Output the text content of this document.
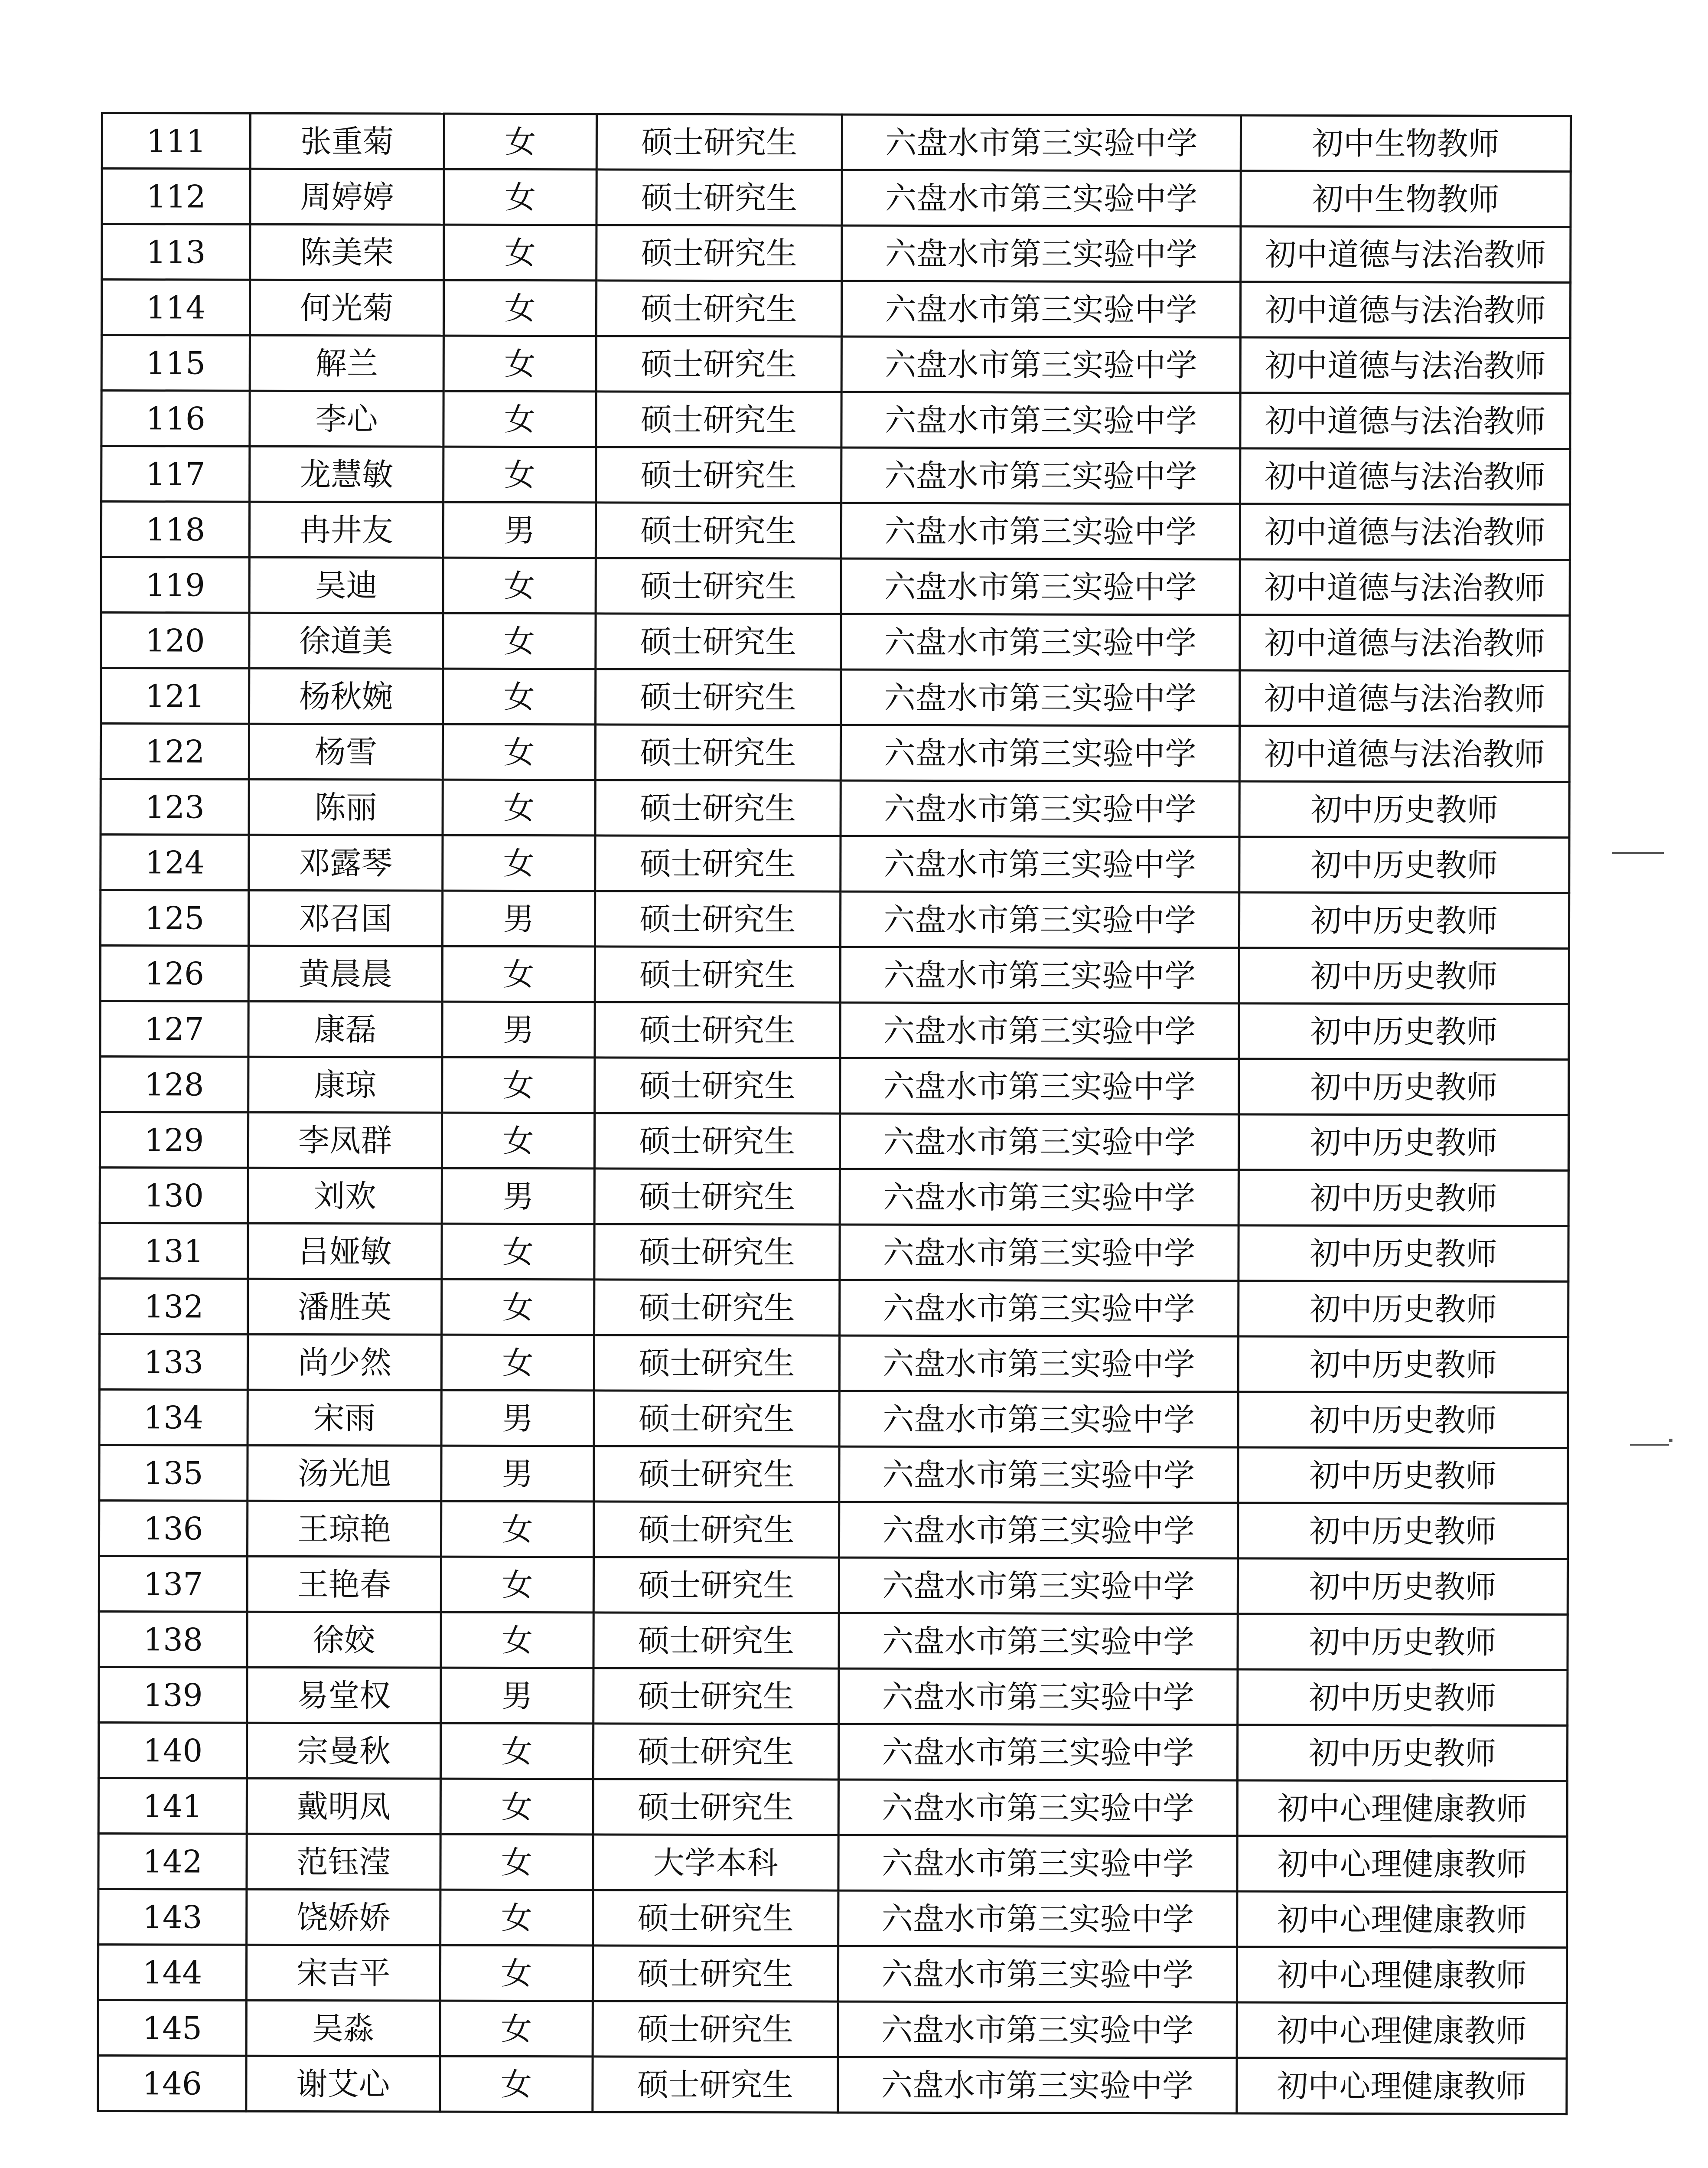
111	张重菊	女	硕士研究生	六盘水市第三实验中学	初中生物教师
112	周婷婷	女	硕士研究生	六盘水市第三实验中学	初中生物教师
113	陈美荣	女	硕士研究生	六盘水市第三实验中学	初中道德与法治教师
114	何光菊	女	硕士研究生	六盘水市第三实验中学	初中道德与法治教师
115	解兰	女	硕士研究生	六盘水市第三实验中学	初中道德与法治教师
116	李心	女	硕士研究生	六盘水市第三实验中学	初中道德与法治教师
117	龙慧敏	女	硕士研究生	六盘水市第三实验中学	初中道德与法治教师
118	冉井友	男	硕士研究生	六盘水市第三实验中学	初中道德与法治教师
119	吴迪	女	硕士研究生	六盘水市第三实验中学	初中道德与法治教师
120	徐道美	女	硕士研究生	六盘水市第三实验中学	初中道德与法治教师
121	杨秋婉	女	硕士研究生	六盘水市第三实验中学	初中道德与法治教师
122	杨雪	女	硕士研究生	六盘水市第三实验中学	初中道德与法治教师
123	陈丽	女	硕士研究生	六盘水市第三实验中学	初中历史教师
124	邓露琴	女	硕士研究生	六盘水市第三实验中学	初中历史教师
125	邓召国	男	硕士研究生	六盘水市第三实验中学	初中历史教师
126	黄晨晨	女	硕士研究生	六盘水市第三实验中学	初中历史教师
127	康磊	男	硕士研究生	六盘水市第三实验中学	初中历史教师
128	康琼	女	硕士研究生	六盘水市第三实验中学	初中历史教师
129	李凤群	女	硕士研究生	六盘水市第三实验中学	初中历史教师
130	刘欢	男	硕士研究生	六盘水市第三实验中学	初中历史教师
131	吕娅敏	女	硕士研究生	六盘水市第三实验中学	初中历史教师
132	潘胜英	女	硕士研究生	六盘水市第三实验中学	初中历史教师
133	尚少然	女	硕士研究生	六盘水市第三实验中学	初中历史教师
134	宋雨	男	硕士研究生	六盘水市第三实验中学	初中历史教师
135	汤光旭	男	硕士研究生	六盘水市第三实验中学	初中历史教师
136	王琼艳	女	硕士研究生	六盘水市第三实验中学	初中历史教师
137	王艳春	女	硕士研究生	六盘水市第三实验中学	初中历史教师
138	徐姣	女	硕士研究生	六盘水市第三实验中学	初中历史教师
139	易堂权	男	硕士研究生	六盘水市第三实验中学	初中历史教师
140	宗曼秋	女	硕士研究生	六盘水市第三实验中学	初中历史教师
141	戴明凤	女	硕士研究生	六盘水市第三实验中学	初中心理健康教师
142	范钰滢	女	大学本科	六盘水市第三实验中学	初中心理健康教师
143	饶娇娇	女	硕士研究生	六盘水市第三实验中学	初中心理健康教师
144	宋吉平	女	硕士研究生	六盘水市第三实验中学	初中心理健康教师
145	吴淼	女	硕士研究生	六盘水市第三实验中学	初中心理健康教师
146	谢艾心	女	硕士研究生	六盘水市第三实验中学	初中心理健康教师
